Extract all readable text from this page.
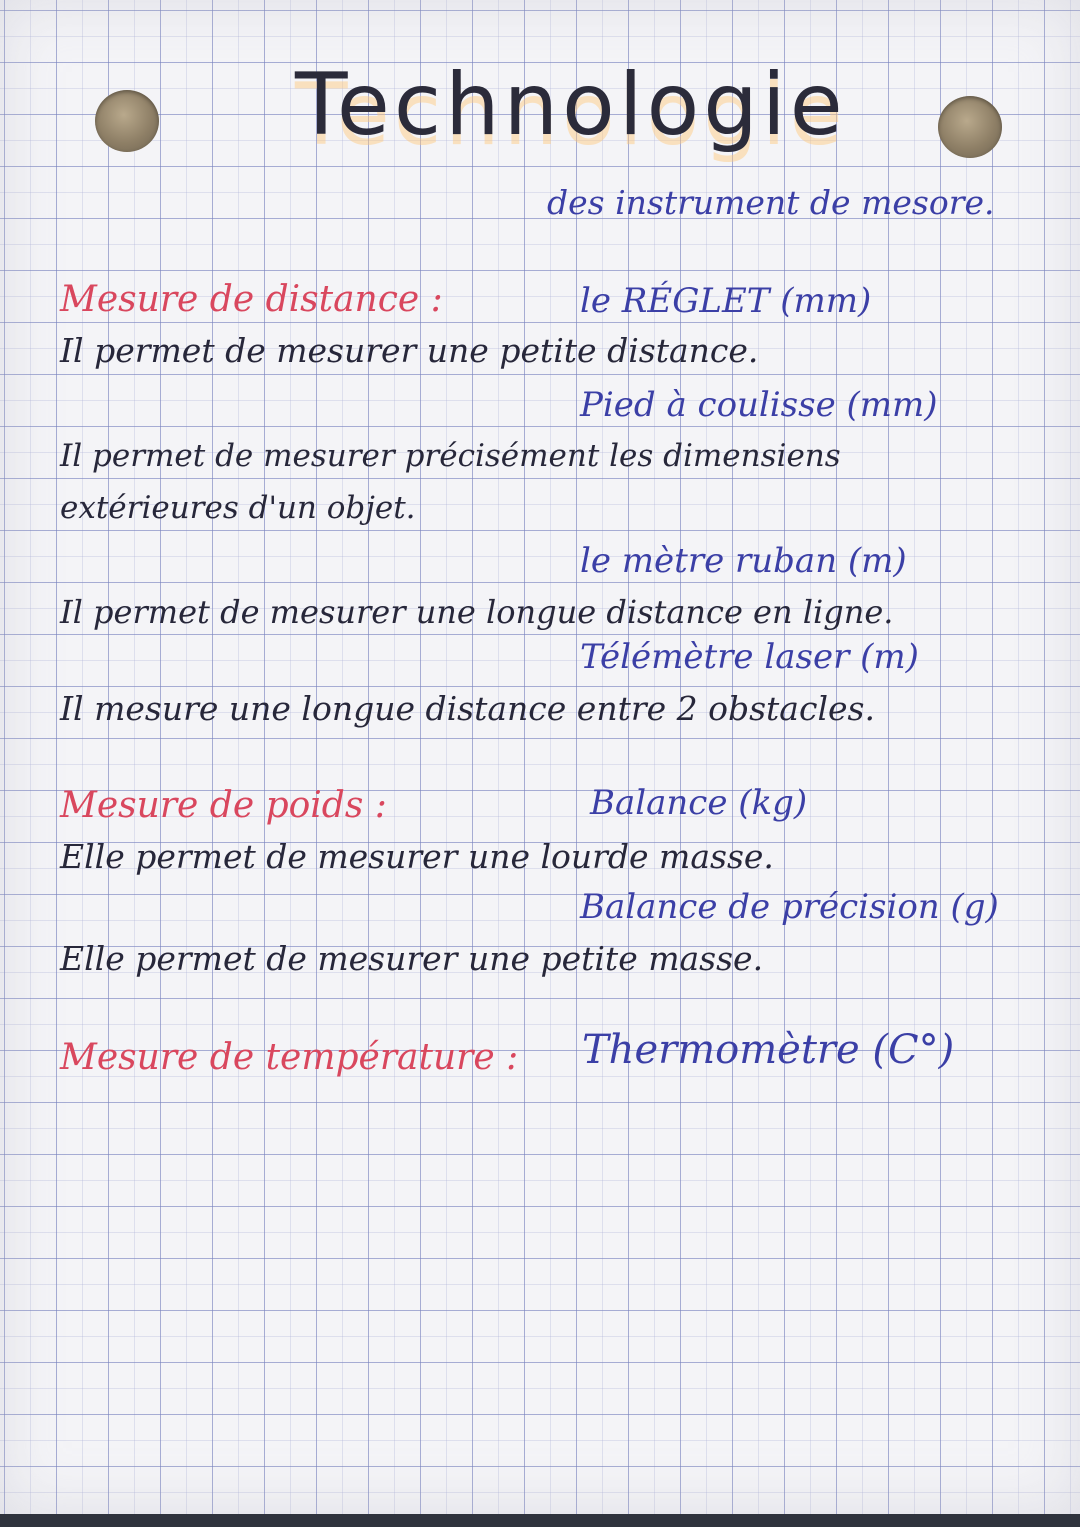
Technologie
des instrument de mesore.
Mesure de distance :	le RÉGLET (mm)
Il permet de mesurer une petite distance.
Pied à coulisse (mm)
Il permet de mesurer précisément les dimensiens
extérieures d'un objet.
le mètre ruban (m)
Il permet de mesurer une longue distance en ligne.
Télémètre laser (m)
Il mesure une longue distance entre 2 obstacles.
Mesure de poids :	Balance (kg)
Elle permet de mesurer une lourde masse.
Balance de précision (g)
Elle permet de mesurer une petite masse.
Mesure de température : Thermomètre (C°)
